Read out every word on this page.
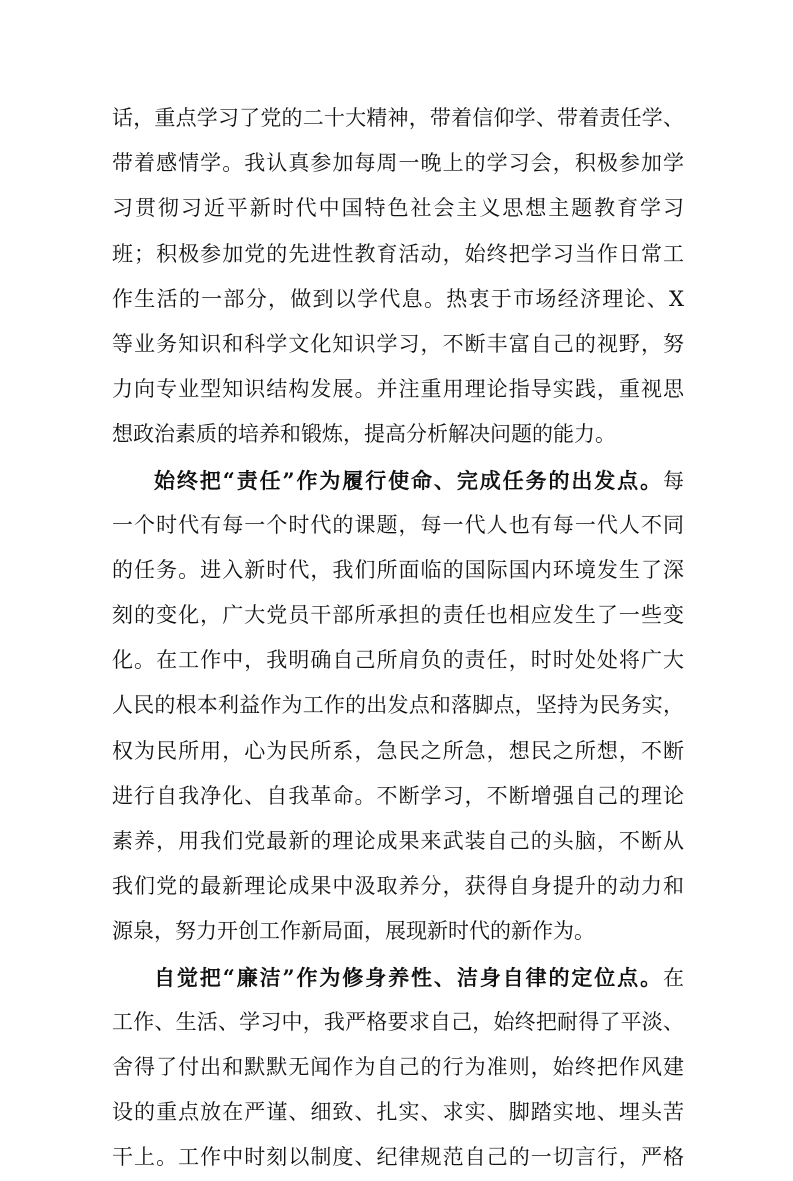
话，重点学习了党的二十大精神，带着信仰学、带着责任学、
带着感情学。我认真参加每周一晚上的学习会，积极参加学
习贯彻习近平新时代中国特色社会主义思想主题教育学习
班；积极参加党的先进性教育活动，始终把学习当作日常工
作生活的一部分，做到以学代息。热衷于市场经济理论、X
等业务知识和科学文化知识学习，不断丰富自己的视野，努
力向专业型知识结构发展。并注重用理论指导实践，重视思
想政治素质的培养和锻炼，提高分析解决问题的能力。
始终把“责任”作为履行使命、完成任务的出发点。每
一个时代有每一个时代的课题，每一代人也有每一代人不同
的任务。进入新时代，我们所面临的国际国内环境发生了深
刻的变化，广大党员干部所承担的责任也相应发生了一些变
化。在工作中，我明确自己所肩负的责任，时时处处将广大
人民的根本利益作为工作的出发点和落脚点，坚持为民务实，
权为民所用，心为民所系，急民之所急，想民之所想，不断
进行自我净化、自我革命。不断学习，不断增强自己的理论
素养，用我们党最新的理论成果来武装自己的头脑，不断从
我们党的最新理论成果中汲取养分，获得自身提升的动力和
源泉，努力开创工作新局面，展现新时代的新作为。
自觉把“廉洁”作为修身养性、洁身自律的定位点。在
工作、生活、学习中，我严格要求自己，始终把耐得了平淡、
舍得了付出和默默无闻作为自己的行为准则，始终把作风建
设的重点放在严谨、细致、扎实、求实、脚踏实地、埋头苦
干上。工作中时刻以制度、纪律规范自己的一切言行，严格
